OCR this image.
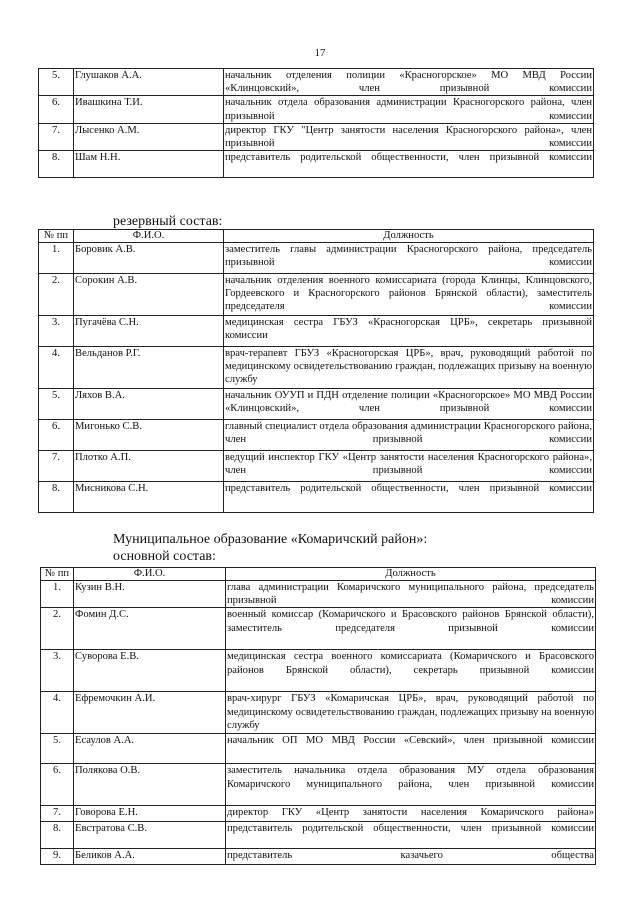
17
5.	Глушаков А.А.	начальник отделения полиции «Красногорское» МО МВД России «Клинцовский», член призывной комиссии
6.	Ивашкина Т.И.	начальник отдела образования администрации Красногорского района, член призывной комиссии
7.	Лысенко А.М.	директор ГКУ "Центр занятости населения Красногорского района», член призывной комиссии
8.	Шам Н.Н.	представитель родительской общественности, член призывной комиссии
резервный состав:
№ пп	Ф.И.О.	Должность
1.	Боровик А.В.	заместитель главы администрации Красногорского района, председатель призывной комиссии
2.	Сорокин А.В.	начальник отделения военного комиссариата (города Клинцы, Клинцовского, Гордеевского и Красногорского районов Брянской области), заместитель председателя комиссии
3.	Пугачёва С.Н.	медицинская сестра ГБУЗ «Красногорская ЦРБ», секретарь призывной комиссии
4.	Вельданов Р.Г.	врач-терапевт ГБУЗ «Красногорская ЦРБ», врач, руководящий работой по медицинскому освидетельствованию граждан, подлежащих призыву на военную службу
5.	Ляхов В.А.	начальник ОУУП и ПДН отделение полиции «Красногорское» МО МВД России «Клинцовский», член призывной комиссии
6.	Мигонько С.В.	главный специалист отдела образования администрации Красногорского района, член призывной комиссии
7.	Плотко А.П.	ведущий инспектор ГКУ «Центр занятости населения Красногорского района», член призывной комиссии
8.	Мисникова С.Н.	представитель родительской общественности, член призывной комиссии
Муниципальное образование «Комаричский район»:
основной состав:
№ пп	Ф.И.О.	Должность
1.	Кузин В.Н.	глава администрации Комаричского муниципального района, председатель призывной комиссии
2.	Фомин Д.С.	военный комиссар (Комаричского и Брасовского районов Брянской области), заместитель председателя призывной комиссии
3.	Суворова Е.В.	медицинская сестра военного комиссариата (Комаричского и Брасовского районов Брянской области), секретарь призывной комиссии
4.	Ефремочкин А.И.	врач-хирург ГБУЗ «Комаричская ЦРБ», врач, руководящий работой по медицинскому освидетельствованию граждан, подлежащих призыву на военную службу
5.	Есаулов А.А.	начальник ОП МО МВД России «Севский», член призывной комиссии
6.	Полякова О.В.	заместитель начальника отдела образования МУ отдела образования Комаричского муниципального района, член призывной комиссии
7.	Говорова Е.Н.	директор ГКУ «Центр занятости населения Комаричского района»
8.	Евстратова С.В.	представитель родительской общественности, член призывной комиссии
9.	Беликов А.А.	представитель казачьего общества
